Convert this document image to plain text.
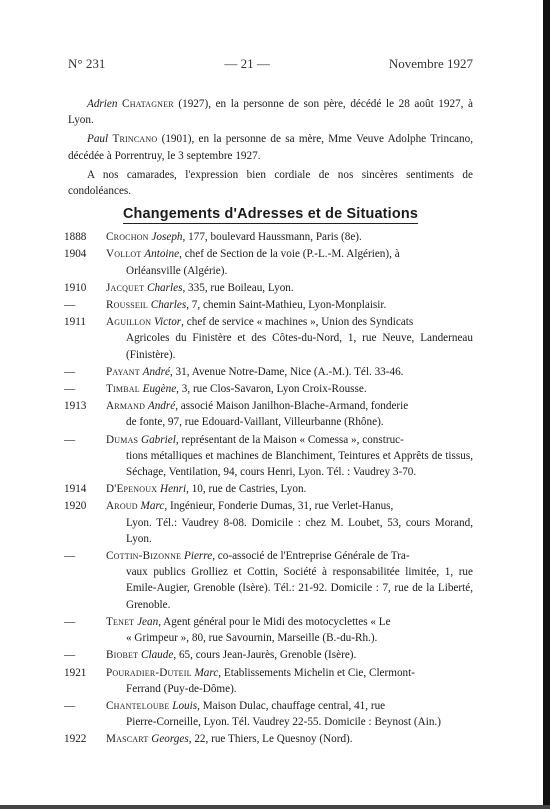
N° 231	— 21 —	Novembre 1927

Adrien Chatagner (1927), en la personne de son père, décédé le 28 août 1927, à Lyon.

Paul Trincano (1901), en la personne de sa mère, Mme Veuve Adolphe Trincano, décédée à Porrentruy, le 3 septembre 1927.

A nos camarades, l'expression bien cordiale de nos sincères sentiments de condoléances.

Changements d'Adresses et de Situations
1888	Crochon Joseph, 177, boulevard Haussmann, Paris (8e).
1904	Vollot Antoine, chef de Section de la voie (P.-L.-M. Algérien), à
Orléansville (Algérie).
1910	Jacquet Charles, 335, rue Boileau, Lyon.
—	Rousseil Charles, 7, chemin Saint-Mathieu, Lyon-Monplaisir.
1911	Aguillon Victor, chef de service « machines », Union des Syndicats
Agricoles du Finistère et des Côtes-du-Nord, 1, rue Neuve, Landerneau (Finistère).
—	Payant André, 31, Avenue Notre-Dame, Nice (A.-M.). Tél. 33-46.
—	Timbal Eugène, 3, rue Clos-Savaron, Lyon Croix-Rousse.
1913	Armand André, associé Maison Janilhon-Blache-Armand, fonderie
de fonte, 97, rue Edouard-Vaillant, Villeurbanne (Rhône).
—	Dumas Gabriel, représentant de la Maison « Comessa », construc-
tions métalliques et machines de Blanchiment, Teintures et Apprêts de tissus, Séchage, Ventilation, 94, cours Henri, Lyon. Tél. : Vaudrey 3-70.
1914	D'Epenoux Henri, 10, rue de Castries, Lyon.
1920	Aroud Marc, Ingénieur, Fonderie Dumas, 31, rue Verlet-Hanus,
Lyon. Tél.: Vaudrey 8-08. Domicile : chez M. Loubet, 53, cours Morand, Lyon.
—	Cottin-Bizonne Pierre, co-associé de l'Entreprise Générale de Tra-
vaux publics Grolliez et Cottin, Société à responsabilitée limitée, 1, rue Emile-Augier, Grenoble (Isère). Tél.: 21-92. Domicile : 7, rue de la Liberté, Grenoble.
—	Tenet Jean, Agent général pour le Midi des motocyclettes « Le
« Grimpeur », 80, rue Savournin, Marseille (B.-du-Rh.).
—	Biobet Claude, 65, cours Jean-Jaurès, Grenoble (Isère).
1921	Pouradier-Duteil Marc, Etablissements Michelin et Cie, Clermont-
Ferrand (Puy-de-Dôme).
—	Chanteloube Louis, Maison Dulac, chauffage central, 41, rue
Pierre-Corneille, Lyon. Tél. Vaudrey 22-55. Domicile : Beynost (Ain.)
1922	Mascart Georges, 22, rue Thiers, Le Quesnoy (Nord).
